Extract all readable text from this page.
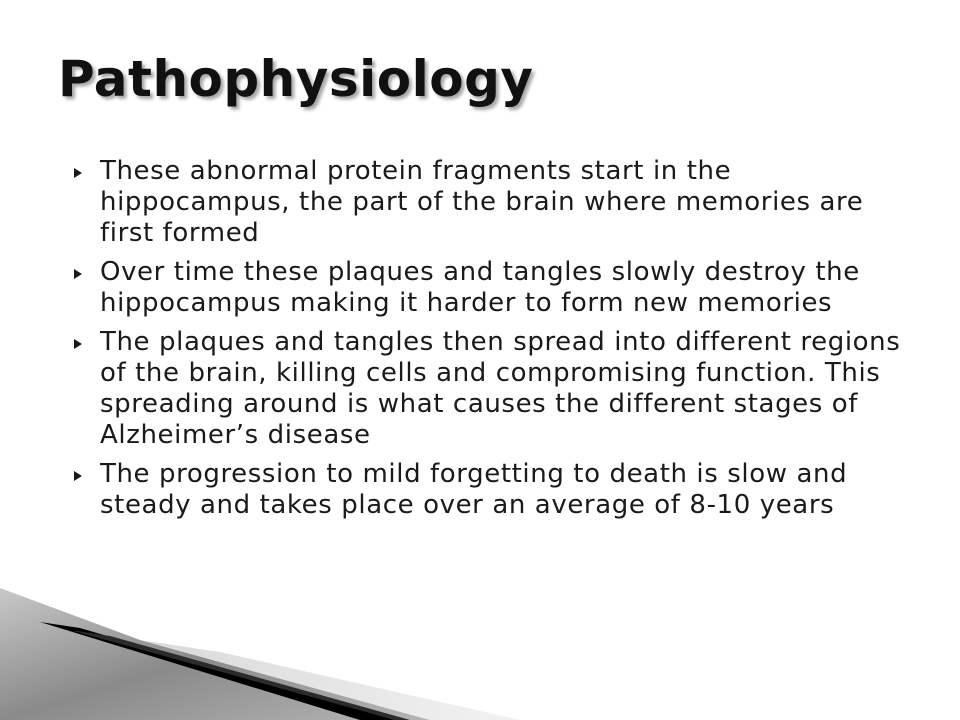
Pathophysiology
These abnormal protein fragments start in the hippocampus, the part of the brain where memories are first formed
Over time these plaques and tangles slowly destroy the hippocampus making it harder to form new memories
The plaques and tangles then spread into different regions of the brain, killing cells and compromising function. This spreading around is what causes the different stages of Alzheimer’s disease
The progression to mild forgetting to death is slow and steady and takes place over an average of 8-10 years
